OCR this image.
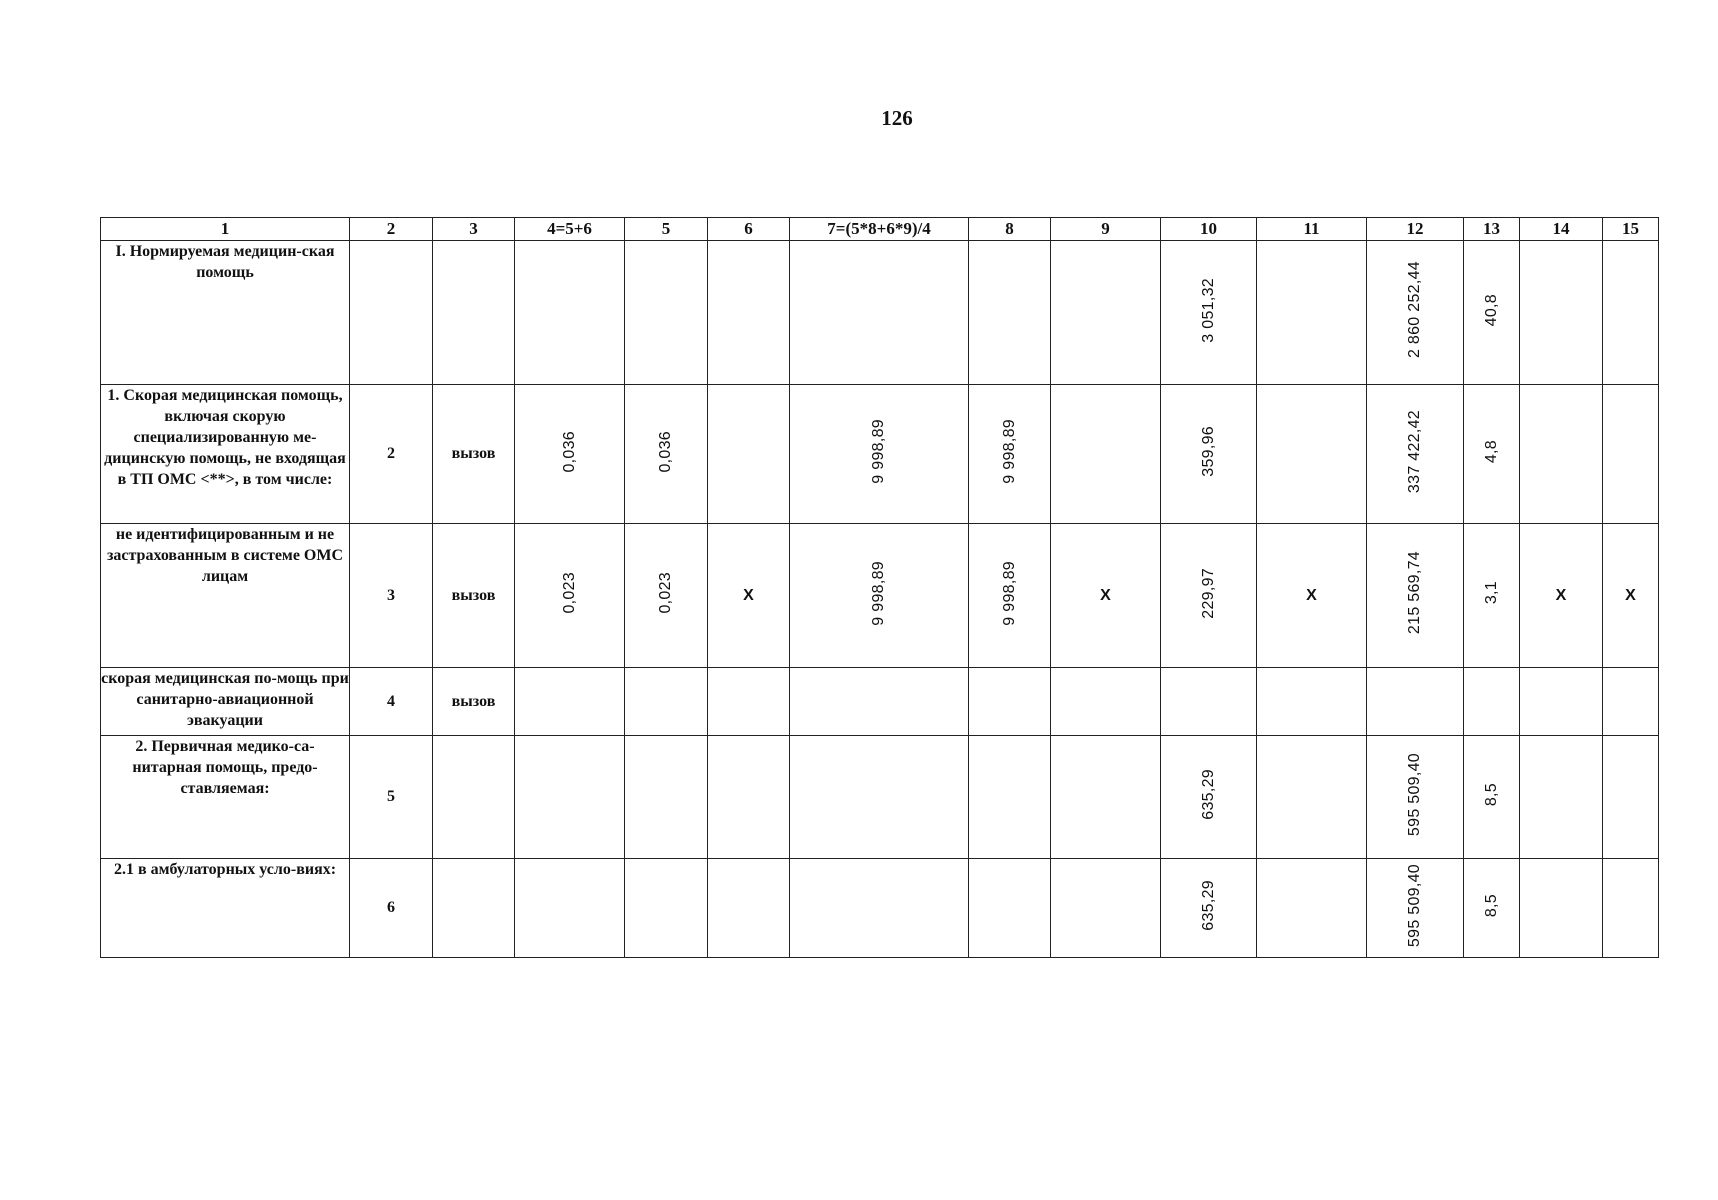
126
1	2	3	4=5+6	5	6	7=(5*8+6*9)/4	8	9	10	11	12	13	14	15
I. Нормируемая медицин-ская помощь									3 051,32		2 860 252,44	40,8		
1. Скорая медицинская помощь, включая скорую специализированную ме-дицинскую помощь, не входящая в ТП ОМС <**>, в том числе:	2	вызов	0,036	0,036		9 998,89	9 998,89		359,96		337 422,42	4,8		
не идентифицированным и не застрахованным в системе ОМС лицам	3	вызов	0,023	0,023	X	9 998,89	9 998,89	X	229,97	X	215 569,74	3,1	X	X
скорая медицинская по-мощь при санитарно-авиационной эвакуации	4	вызов												
2. Первичная медико-са-нитарная помощь, предо-ставляемая:	5								635,29		595 509,40	8,5		
2.1 в амбулаторных усло-виях:	6								635,29		595 509,40	8,5		
